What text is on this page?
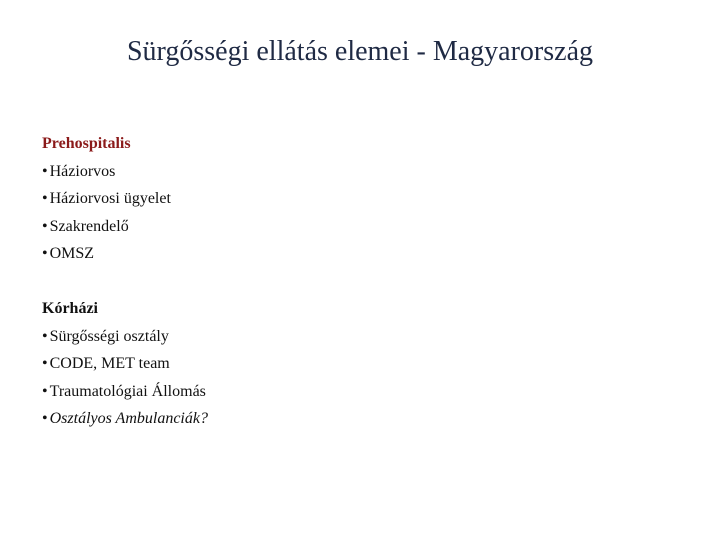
Sürgősségi ellátás elemei - Magyarország

Prehospitalis

• Háziorvos
• Háziorvosi ügyelet
• Szakrendelő
• OMSZ

Kórházi

• Sürgősségi osztály
• CODE, MET team
• Traumatológiai Állomás
• Osztályos Ambulanciák?
